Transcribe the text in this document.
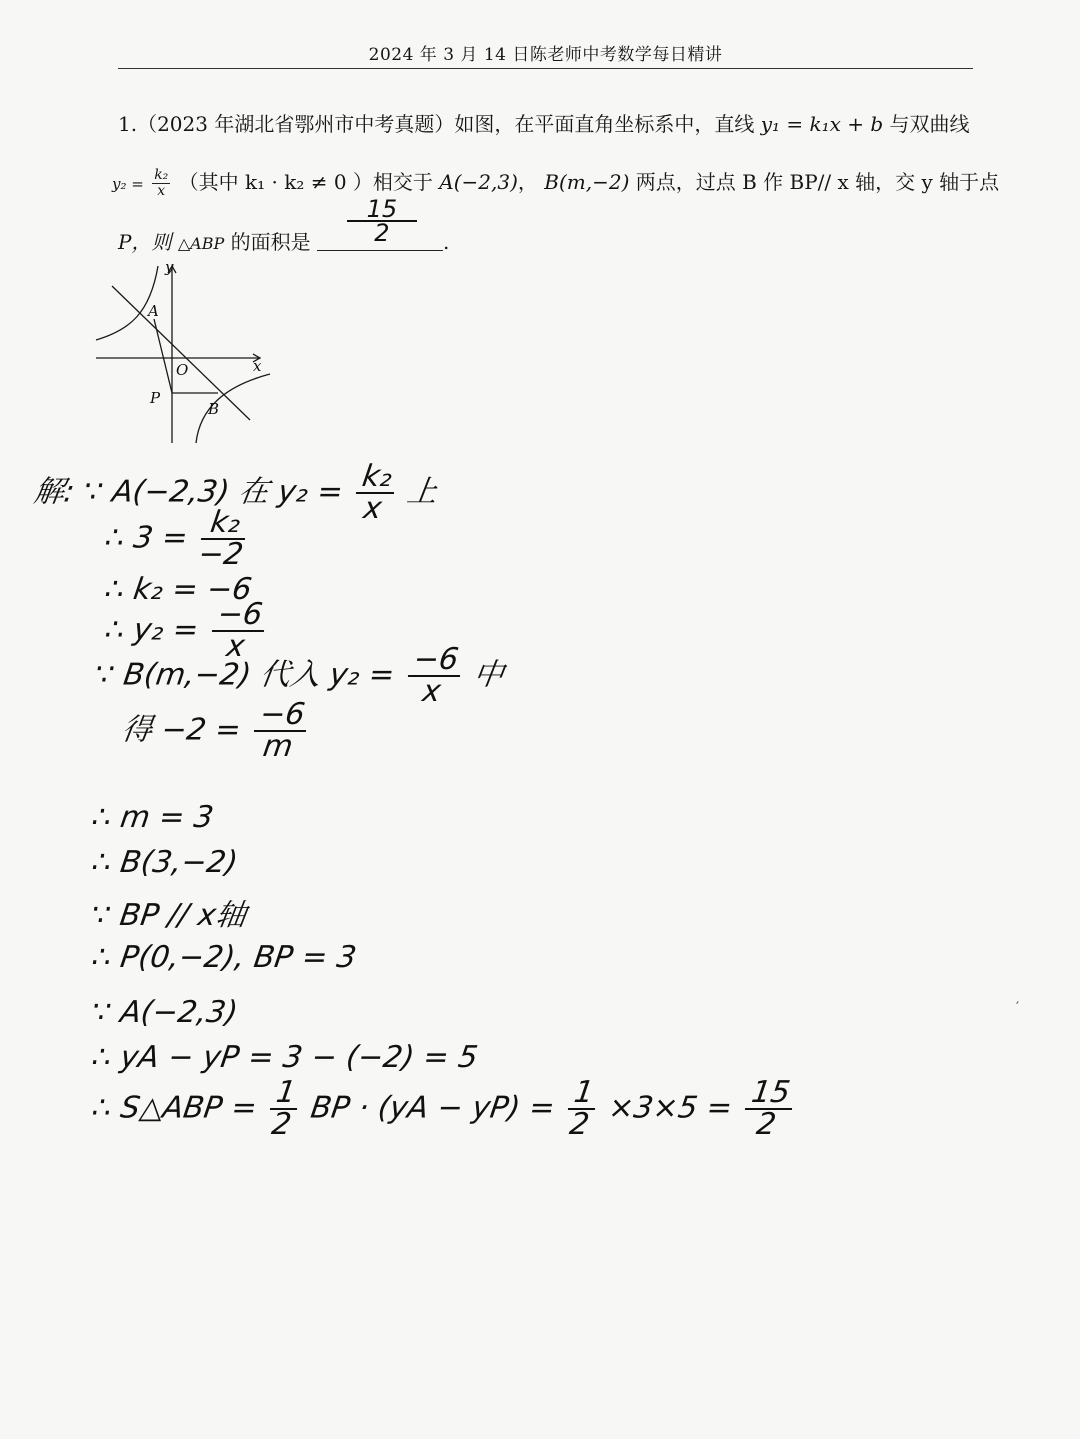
2024 年 3 月 14 日陈老师中考数学每日精讲
1.（2023 年湖北省鄂州市中考真题）如图，在平面直角坐标系中，直线 y₁ = k₁x + b 与双曲线
$y_2 = \frac{\text{k₂}}{x}$ （其中 k₁ · k₂ ≠ 0 ）相交于 A(−2,3)， B(m,−2) 两点，过点 B 作 BP// x 轴，交 y 轴于点
P，则 △ABP 的面积是 $\frac{15}{2}$ .
y
x
O
A
B
P
解: ∵ A(−2,3) 在 $y_2 = \frac{\text{k₂}}{x}$ 上
∴ $3 = \frac{\text{k₂}}{-2}$
∴ k₂ = −6
∴ $y_2 = \frac{-6}{x}$
∵ B(m,−2) 代入 $y_2 = \frac{-6}{x}$ 中
得 $-2 = \frac{-6}{m}$
∴ m = 3
∴ B(3,−2)
∵ BP // x轴
∴ P(0,−2), BP = 3
∵ A(−2,3)
∴ yA − yP = 3 − (−2) = 5
∴ S△ABP = $\frac{1}{2}$ BP · $(yA - yP) = \frac{1}{2} \times 3\times 5 = \frac{15}{2}$
′
